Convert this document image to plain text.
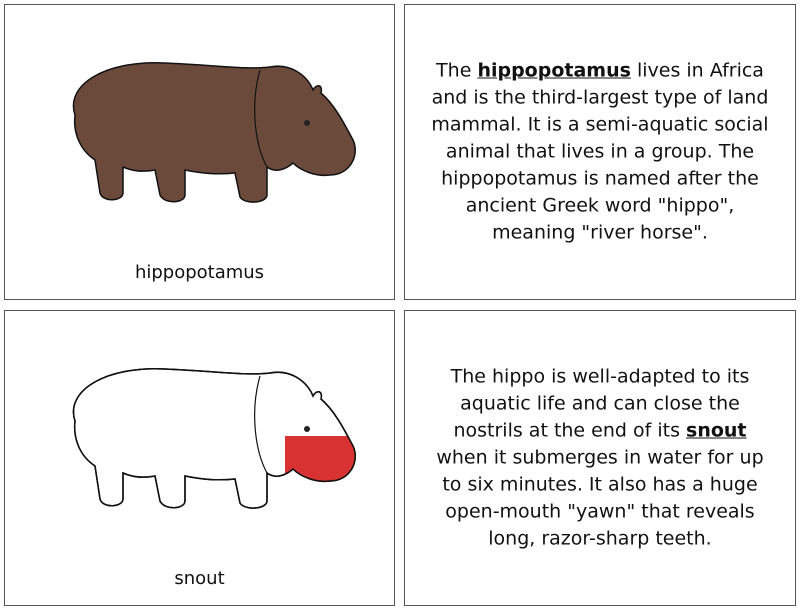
hippopotamus
The hippopotamus lives in Africa and is the third-largest type of land mammal. It is a semi-aquatic social animal that lives in a group. The hippopotamus is named after the ancient Greek word "hippo", meaning "river horse".
snout
The hippo is well-adapted to its aquatic life and can close the nostrils at the end of its snout when it submerges in water for up to six minutes. It also has a huge open-mouth "yawn" that reveals long, razor-sharp teeth.
